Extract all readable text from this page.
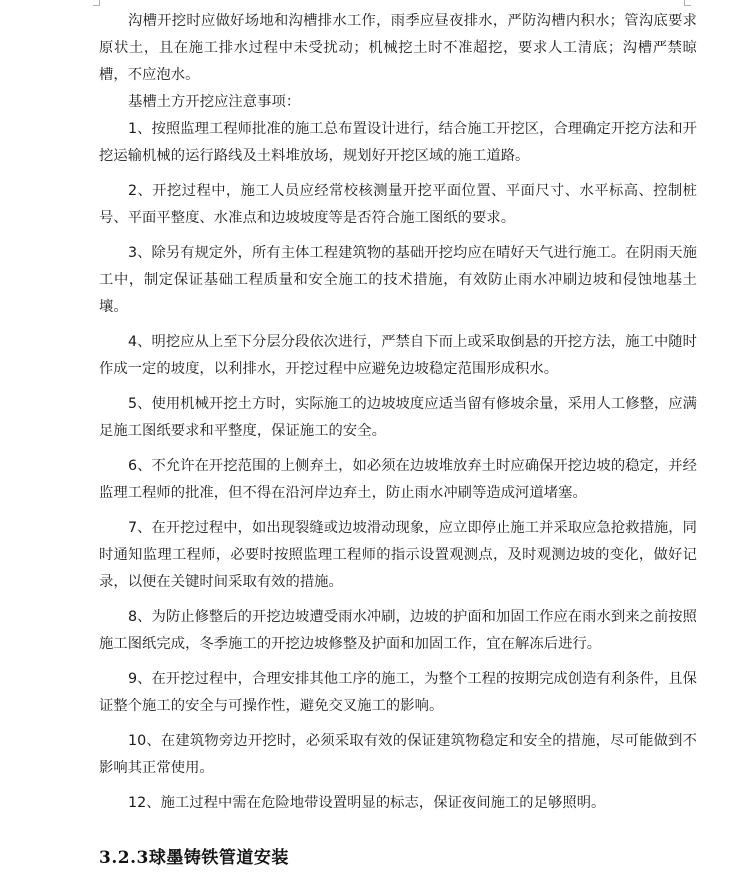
沟槽开挖时应做好场地和沟槽排水工作，雨季应昼夜排水，严防沟槽内积水；管沟底要求原状土，且在施工排水过程中未受扰动；机械挖土时不准超挖，要求人工清底；沟槽严禁晾槽，不应泡水。

基槽土方开挖应注意事项：

1、按照监理工程师批准的施工总布置设计进行，结合施工开挖区，合理确定开挖方法和开挖运输机械的运行路线及土料堆放场，规划好开挖区域的施工道路。

2、开挖过程中，施工人员应经常校核测量开挖平面位置、平面尺寸、水平标高、控制桩号、平面平整度、水准点和边坡坡度等是否符合施工图纸的要求。

3、除另有规定外，所有主体工程建筑物的基础开挖均应在晴好天气进行施工。在阴雨天施工中，制定保证基础工程质量和安全施工的技术措施，有效防止雨水冲刷边坡和侵蚀地基土壤。

4、明挖应从上至下分层分段依次进行，严禁自下而上或采取倒悬的开挖方法，施工中随时作成一定的坡度，以利排水，开挖过程中应避免边坡稳定范围形成积水。

5、使用机械开挖土方时，实际施工的边坡坡度应适当留有修坡余量，采用人工修整，应满足施工图纸要求和平整度，保证施工的安全。

6、不允许在开挖范围的上侧弃土，如必须在边坡堆放弃土时应确保开挖边坡的稳定，并经监理工程师的批准，但不得在沿河岸边弃土，防止雨水冲刷等造成河道堵塞。

7、在开挖过程中，如出现裂缝或边坡滑动现象，应立即停止施工并采取应急抢救措施，同时通知监理工程师，必要时按照监理工程师的指示设置观测点，及时观测边坡的变化，做好记录，以便在关键时间采取有效的措施。

8、为防止修整后的开挖边坡遭受雨水冲刷，边坡的护面和加固工作应在雨水到来之前按照施工图纸完成，冬季施工的开挖边坡修整及护面和加固工作，宜在解冻后进行。

9、在开挖过程中，合理安排其他工序的施工，为整个工程的按期完成创造有利条件，且保证整个施工的安全与可操作性，避免交叉施工的影响。

10、在建筑物旁边开挖时，必须采取有效的保证建筑物稳定和安全的措施，尽可能做到不影响其正常使用。

12、施工过程中需在危险地带设置明显的标志，保证夜间施工的足够照明。

3.2.3球墨铸铁管道安装
